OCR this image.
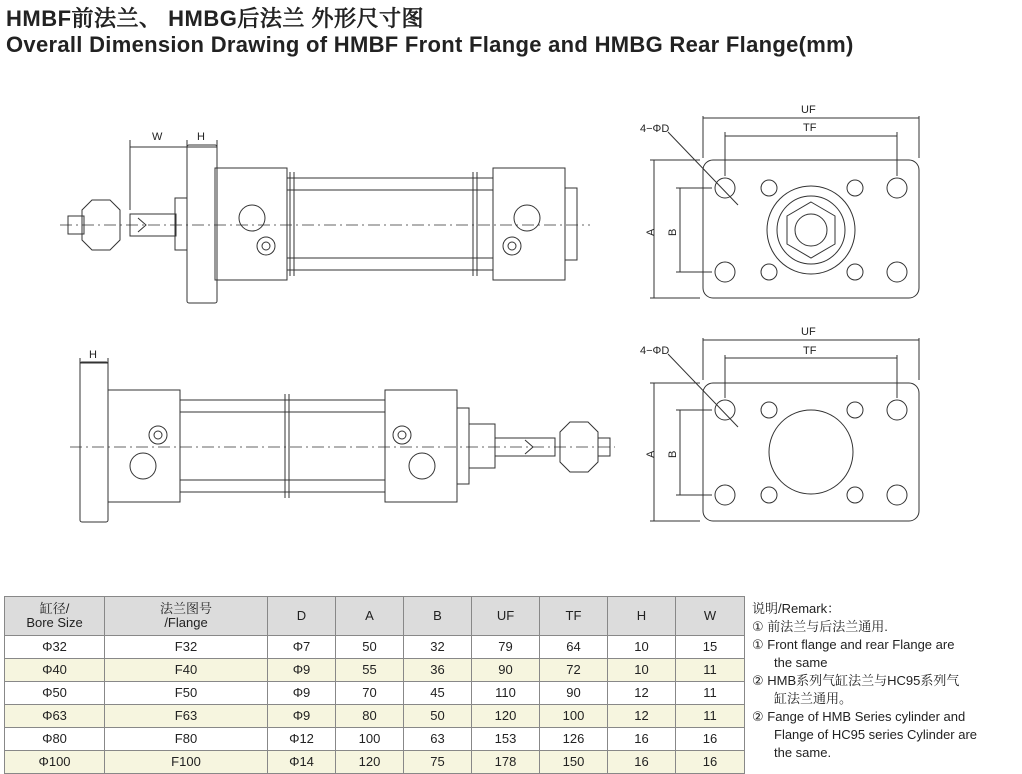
HMBF前法兰、 HMBG后法兰 外形尺寸图
Overall Dimension Drawing of HMBF Front Flange and HMBG Rear Flange(mm)
W	H
H
UF
TF
4−ΦD
A B
UF
TF
4−ΦD
A B
缸径/
Bore Size	法兰图号
/Flange	D	A	B	UF	TF	H	W
Φ32	F32	Φ7	50	32	79	64	10	15
Φ40	F40	Φ9	55	36	90	72	10	11
Φ50	F50	Φ9	70	45	110	90	12	11
Φ63	F63	Φ9	80	50	120	100	12	11
Φ80	F80	Φ12	100	63	153	126	16	16
Φ100	F100	Φ14	120	75	178	150	16	16
说明/Remark：
① 前法兰与后法兰通用.
① Front flange and rear Flange are
the same
② HMB系列气缸法兰与HC95系列气
缸法兰通用。
② Fange of HMB Series cylinder and
Flange of HC95 series Cylinder are
the same.
